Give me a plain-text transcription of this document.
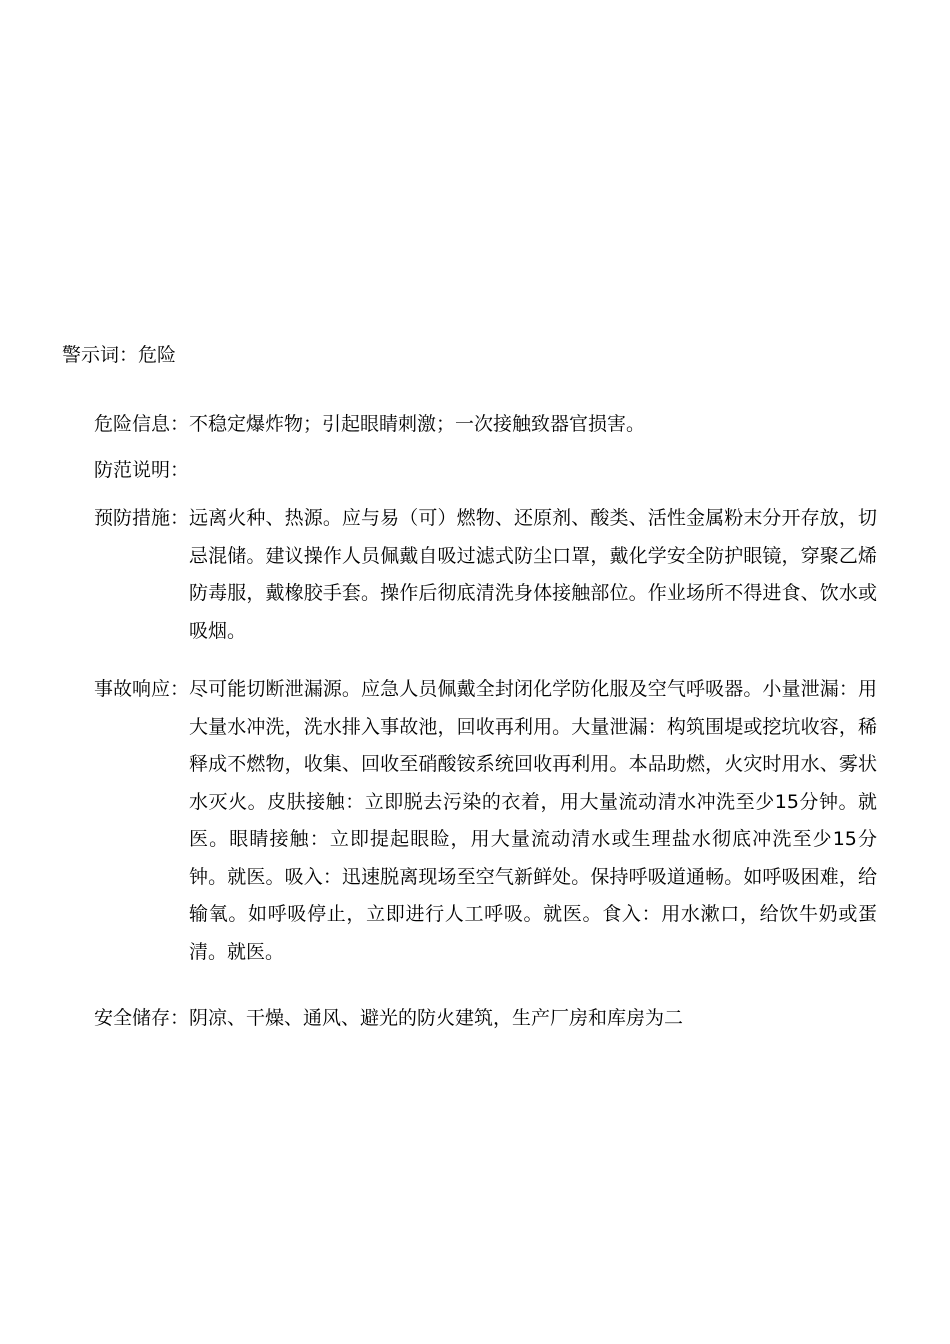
警示词：危险
危险信息： 不稳定爆炸物；引起眼睛刺激；一次接触致器官损害。
防范说明：
预防措施： 远离火种、热源。应与易（可）燃物、还原剂、酸类、活性金属粉末分开存放，切忌混储。建议操作人员佩戴自吸过滤式防尘口罩，戴化学安全防护眼镜，穿聚乙烯防毒服，戴橡胶手套。操作后彻底清洗身体接触部位。作业场所不得进食、饮水或吸烟。
事故响应： 尽可能切断泄漏源。应急人员佩戴全封闭化学防化服及空气呼吸器。小量泄漏：用大量水冲洗，洗水排入事故池，回收再利用。大量泄漏：构筑围堤或挖坑收容，稀释成不燃物，收集、回收至硝酸铵系统回收再利用。本品助燃，火灾时用水、雾状水灭火。皮肤接触：立即脱去污染的衣着，用大量流动清水冲洗至少15分钟。就医。眼睛接触：立即提起眼睑，用大量流动清水或生理盐水彻底冲洗至少15分钟。就医。吸入：迅速脱离现场至空气新鲜处。保持呼吸道通畅。如呼吸困难，给输氧。如呼吸停止，立即进行人工呼吸。就医。食入：用水漱口，给饮牛奶或蛋清。就医。
安全储存： 阴凉、干燥、通风、避光的防火建筑，生产厂房和库房为二
